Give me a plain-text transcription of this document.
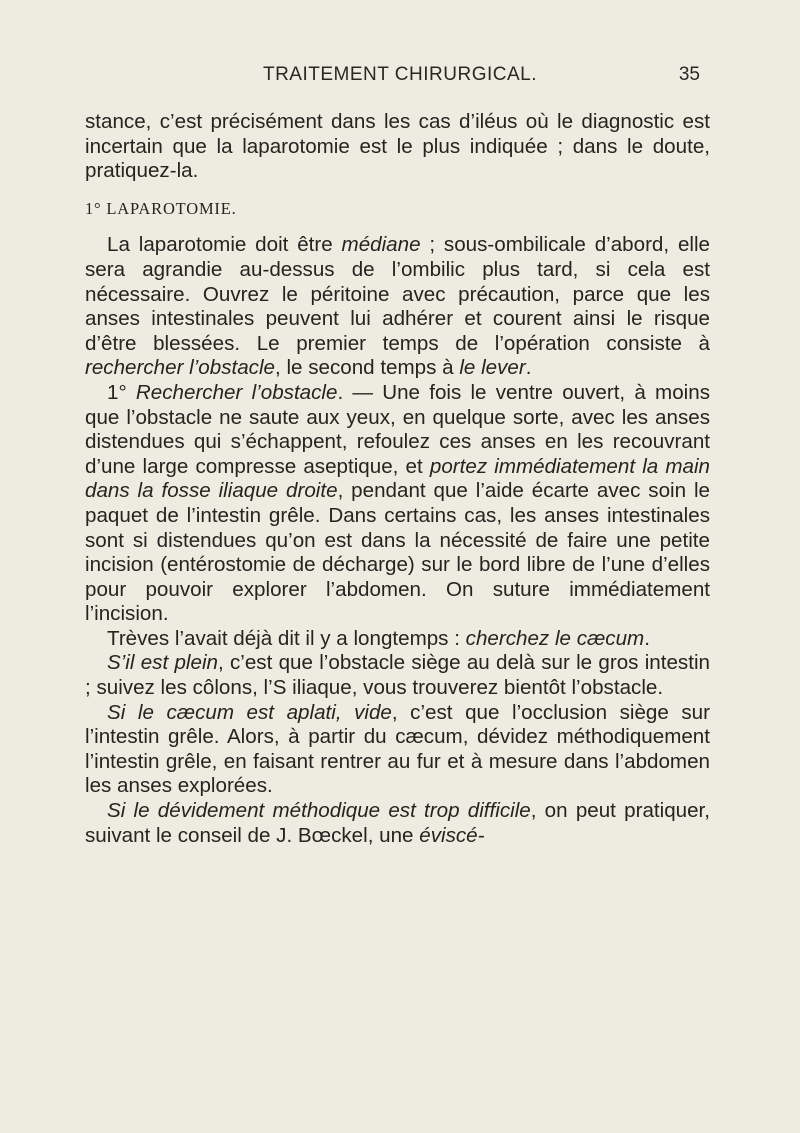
TRAITEMENT CHIRURGICAL.	35

stance, c’est précisément dans les cas d’iléus où le diagnostic est incertain que la laparotomie est le plus indiquée ; dans le doute, pratiquez-la.

1° LAPAROTOMIE.

La laparotomie doit être médiane ; sous-ombilicale d’abord, elle sera agrandie au-dessus de l’ombilic plus tard, si cela est nécessaire. Ouvrez le péritoine avec précaution, parce que les anses intestinales peuvent lui adhérer et courent ainsi le risque d’être blessées. Le premier temps de l’opération consiste à rechercher l’obstacle, le second temps à le lever.

1° Rechercher l’obstacle. — Une fois le ventre ouvert, à moins que l’obstacle ne saute aux yeux, en quelque sorte, avec les anses distendues qui s’échappent, refoulez ces anses en les recouvrant d’une large compresse aseptique, et portez immédiatement la main dans la fosse iliaque droite, pendant que l’aide écarte avec soin le paquet de l’intestin grêle. Dans certains cas, les anses intestinales sont si distendues qu’on est dans la nécessité de faire une petite incision (entérostomie de décharge) sur le bord libre de l’une d’elles pour pouvoir explorer l’abdomen. On suture immédiatement l’incision.

Trèves l’avait déjà dit il y a longtemps : cherchez le cæcum.

S’il est plein, c’est que l’obstacle siège au delà sur le gros intestin ; suivez les côlons, l’S iliaque, vous trouverez bientôt l’obstacle.

Si le cæcum est aplati, vide, c’est que l’occlusion siège sur l’intestin grêle. Alors, à partir du cæcum, dévidez méthodiquement l’intestin grêle, en faisant rentrer au fur et à mesure dans l’abdomen les anses explorées.

Si le dévidement méthodique est trop difficile, on peut pratiquer, suivant le conseil de J. Bœckel, une éviscé-
